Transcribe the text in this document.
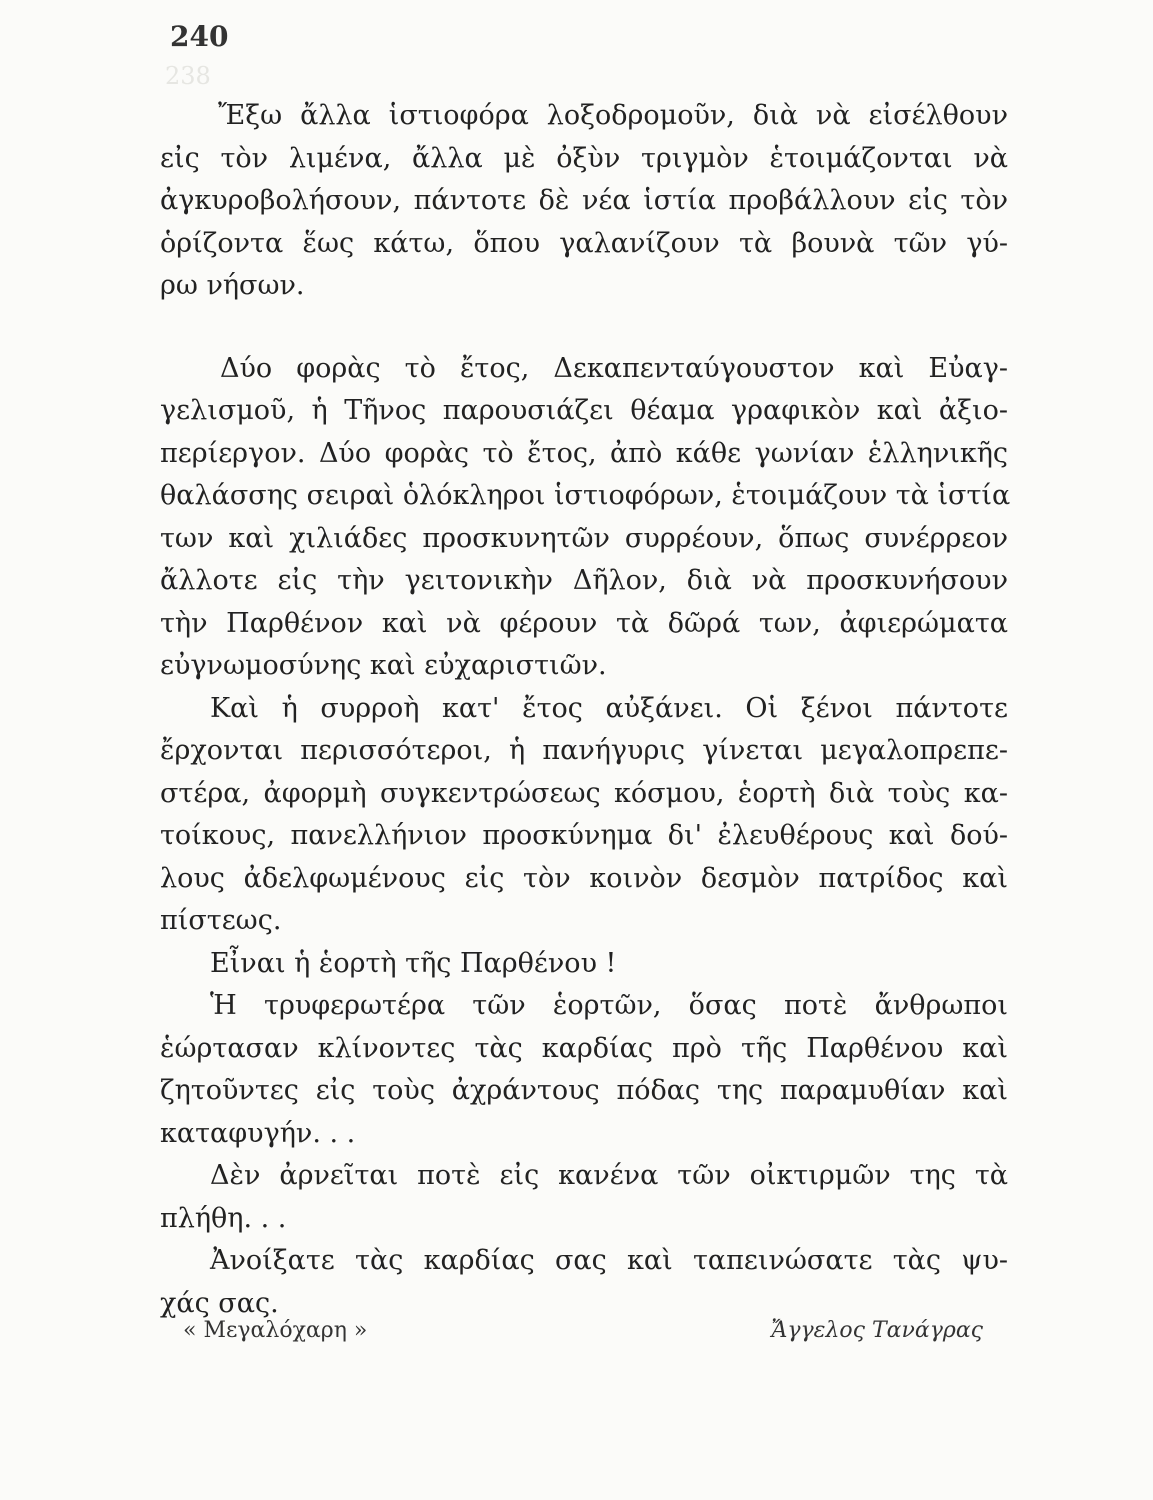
240
238
Ἔξω ἄλλα ἱστιοφόρα λοξοδρομοῦν, διὰ νὰ εἰσέλθουν
εἰς τὸν λιμένα, ἄλλα μὲ ὀξὺν τριγμὸν ἑτοιμάζονται νὰ
ἀγκυροβολήσουν, πάντοτε δὲ νέα ἱστία προβάλλουν εἰς τὸν
ὁρίζοντα ἕως κάτω, ὅπου γαλανίζουν τὰ βουνὰ τῶν γύ-
ρω νήσων.
Δύο φορὰς τὸ ἔτος, Δεκαπενταύγουστον καὶ Εὐαγ-
γελισμοῦ, ἡ Τῆνος παρουσιάζει θέαμα γραφικὸν καὶ ἀξιο-
περίεργον. Δύο φορὰς τὸ ἔτος, ἀπὸ κάθε γωνίαν ἑλληνικῆς
θαλάσσης σειραὶ ὁλόκληροι ἱστιοφόρων, ἑτοιμάζουν τὰ ἱστία
των καὶ χιλιάδες προσκυνητῶν συρρέουν, ὅπως συνέρρεον
ἄλλοτε εἰς τὴν γειτονικὴν Δῆλον, διὰ νὰ προσκυνήσουν
τὴν Παρθένον καὶ νὰ φέρουν τὰ δῶρά των, ἀφιερώματα
εὐγνωμοσύνης καὶ εὐχαριστιῶν.
Καὶ ἡ συρροὴ κατ' ἔτος αὐξάνει. Οἱ ξένοι πάντοτε
ἔρχονται περισσότεροι, ἡ πανήγυρις γίνεται μεγαλοπρεπε-
στέρα, ἀφορμὴ συγκεντρώσεως κόσμου, ἑορτὴ διὰ τοὺς κα-
τοίκους, πανελλήνιον προσκύνημα δι' ἐλευθέρους καὶ δού-
λους ἀδελφωμένους εἰς τὸν κοινὸν δεσμὸν πατρίδος καὶ
πίστεως.
Εἶναι ἡ ἑορτὴ τῆς Παρθένου !
Ἡ τρυφερωτέρα τῶν ἑορτῶν, ὅσας ποτὲ ἄνθρωποι
ἑώρτασαν κλίνοντες τὰς καρδίας πρὸ τῆς Παρθένου καὶ
ζητοῦντες εἰς τοὺς ἀχράντους πόδας της παραμυθίαν καὶ
καταφυγήν. . .
Δὲν ἀρνεῖται ποτὲ εἰς κανένα τῶν οἰκτιρμῶν της τὰ
πλήθη. . .
Ἀνοίξατε τὰς καρδίας σας καὶ ταπεινώσατε τὰς ψυ-
χάς σας.
« Μεγαλόχαρη »	Ἄγγελος Τανάγρας
